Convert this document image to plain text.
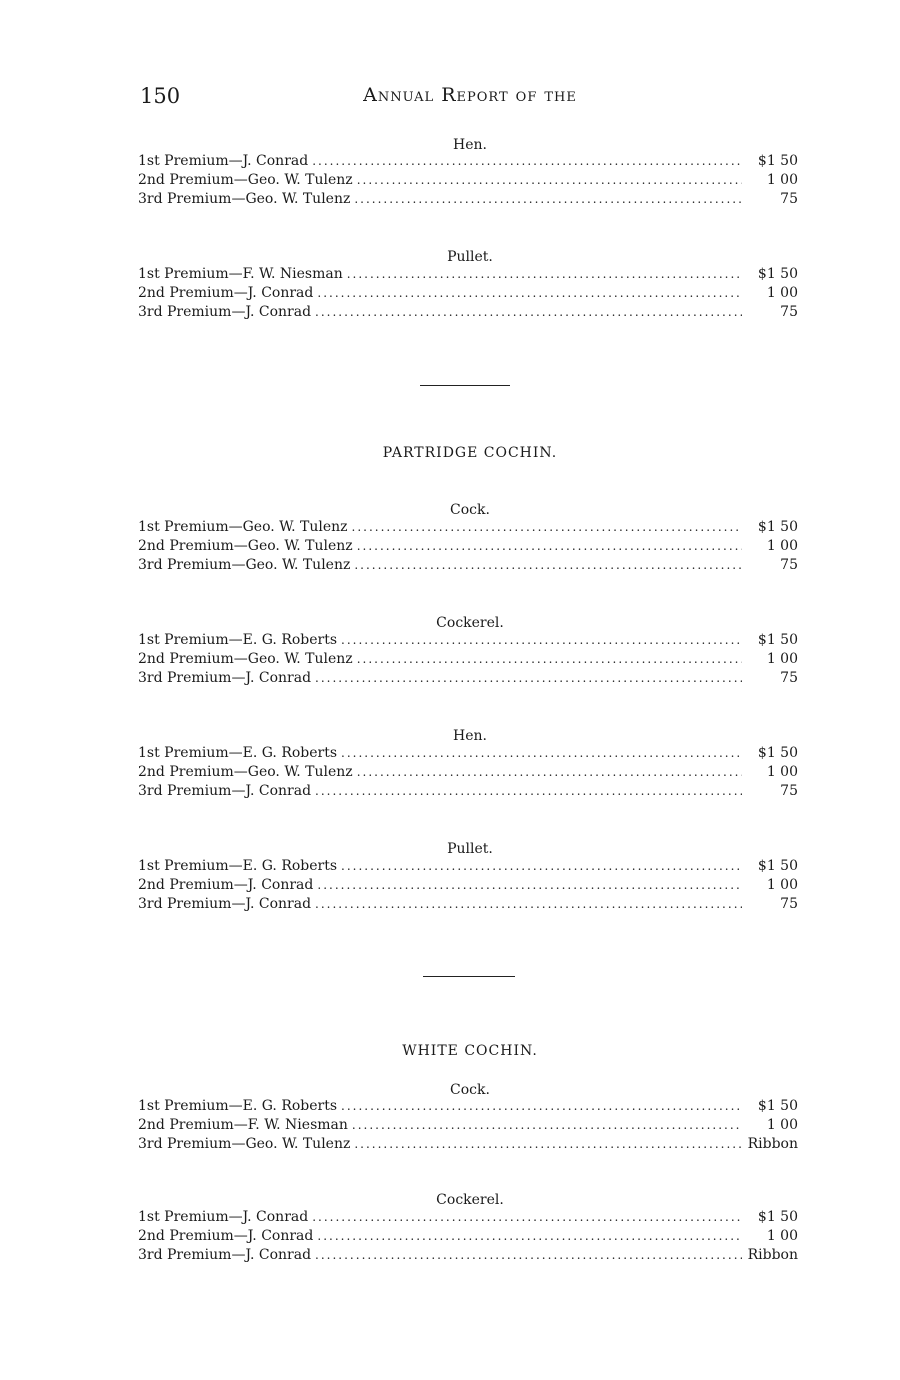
150	Annual Report of the
Hen.
1st Premium—J. Conrad .....	$1 50
2nd Premium—Geo. W. Tulenz .....	1 00
3rd Premium—Geo. W. Tulenz .....	75
Pullet.
1st Premium—F. W. Niesman .....	$1 50
2nd Premium—J. Conrad .....	1 00
3rd Premium—J. Conrad .....	75
PARTRIDGE COCHIN.
Cock.
1st Premium—Geo. W. Tulenz .....	$1 50
2nd Premium—Geo. W. Tulenz .....	1 00
3rd Premium—Geo. W. Tulenz .....	75
Cockerel.
1st Premium—E. G. Roberts .....	$1 50
2nd Premium—Geo. W. Tulenz .....	1 00
3rd Premium—J. Conrad .....	75
Hen.
1st Premium—E. G. Roberts .....	$1 50
2nd Premium—Geo. W. Tulenz .....	1 00
3rd Premium—J. Conrad .....	75
Pullet.
1st Premium—E. G. Roberts .....	$1 50
2nd Premium—J. Conrad .....	1 00
3rd Premium—J. Conrad .....	75
WHITE COCHIN.
Cock.
1st Premium—E. G. Roberts .....	$1 50
2nd Premium—F. W. Niesman .....	1 00
3rd Premium—Geo. W. Tulenz .....	Ribbon
Cockerel.
1st Premium—J. Conrad .....	$1 50
2nd Premium—J. Conrad .....	1 00
3rd Premium—J. Conrad .....	Ribbon
